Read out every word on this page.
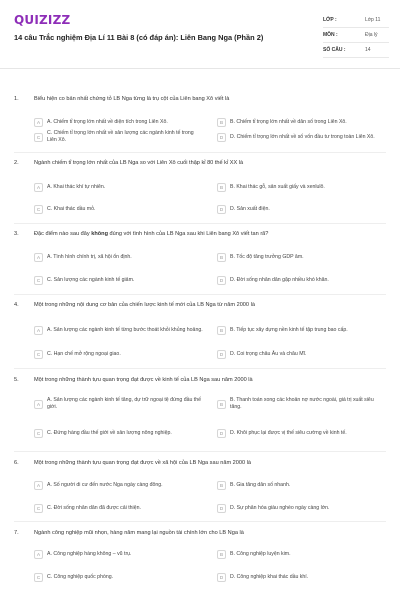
QUIZIZZ
14 câu Trắc nghiệm Địa Lí 11 Bài 8 (có đáp án): Liên Bang Nga (Phần 2)
LỚP :	Lớp 11
MÔN :	Địa lý
SỐ CÂU :	14
1.	Biểu hiện co bản nhất chứng tỏ LB Nga từng là trụ cột của Liên bang Xô viết là
A	A. Chiếm tỉ trọng lớn nhất về diện tích trong Liên Xô.	B	B. Chiếm tỉ trọng lớn nhất về dân số trong Liên Xô.
C
C. Chiếm tỉ trọng lớn nhất về sản lượng các ngành kinh tế trong Liên Xô.	D	D. Chiếm tỉ trọng lớn nhất về số vốn đầu tư trong toàn Liên Xô.
2.	Ngành chiếm tỉ trọng lớn nhất của LB Nga so với Liên Xô cuối thập kỉ 80 thế kỉ XX là
A	A. Khai thác khí tự nhiên.	B	B. Khai thác gỗ, sản xuất giấy và xenlulô.
C	C. Khai thác dầu mỏ.	D	D. Sản xuất điện.
3.	Đặc điểm nào sau đây không đúng với tình hình của LB Nga sau khi Liên bang Xô viết tan rã?
A	A. Tình hình chính trị, xã hội ổn định.	B	B. Tốc độ tăng trưởng GDP âm.
C	C. Sản lượng các ngành kinh tế giảm.	D	D. Đời sống nhân dân gặp nhiều khó khăn.
4.	Một trong những nội dung cơ bản của chiến lược kinh tế mới của LB Nga từ năm 2000 là
A	A. Sản lượng các ngành kinh tế từng bước thoát khỏi khủng hoảng.	B	B. Tiếp tục xây dựng nền kinh tế tập trung bao cấp.
C	C. Hạn chế mở rộng ngoại giao.	D	D. Coi trọng châu Âu và châu Mĩ.
5.	Một trong những thành tựu quan trọng đạt được về kinh tế của LB Nga sau năm 2000 là
A
A. Sản lượng các ngành kinh tế tăng, dự trữ ngoại tệ đứng đầu thế giới.	B
B. Thanh toán xong các khoản nợ nước ngoài, giá trị xuất siêu tăng.
C	C. Đứng hàng đầu thế giới về sản lượng nông nghiệp.	D	D. Khôi phục lại được vị thế siêu cường về kinh tế.
6.	Một trong những thành tựu quan trọng đạt được về xã hội của LB Nga sau năm 2000 là
A	A. Số người di cư đến nước Nga ngày càng đông.	B	B. Gia tăng dân số nhanh.
C	C. Đời sống nhân dân đã được cải thiện.	D	D. Sự phân hóa giàu nghèo ngày càng lớn.
7.	Ngành công nghiệp mũi nhọn, hàng năm mang lại nguồn tài chính lớn cho LB Nga là
A	A. Công nghiệp hàng không – vũ trụ.	B	B. Công nghiệp luyện kim.
C	C. Công nghiệp quốc phòng.	D	D. Công nghiệp khai thác dầu khí.
